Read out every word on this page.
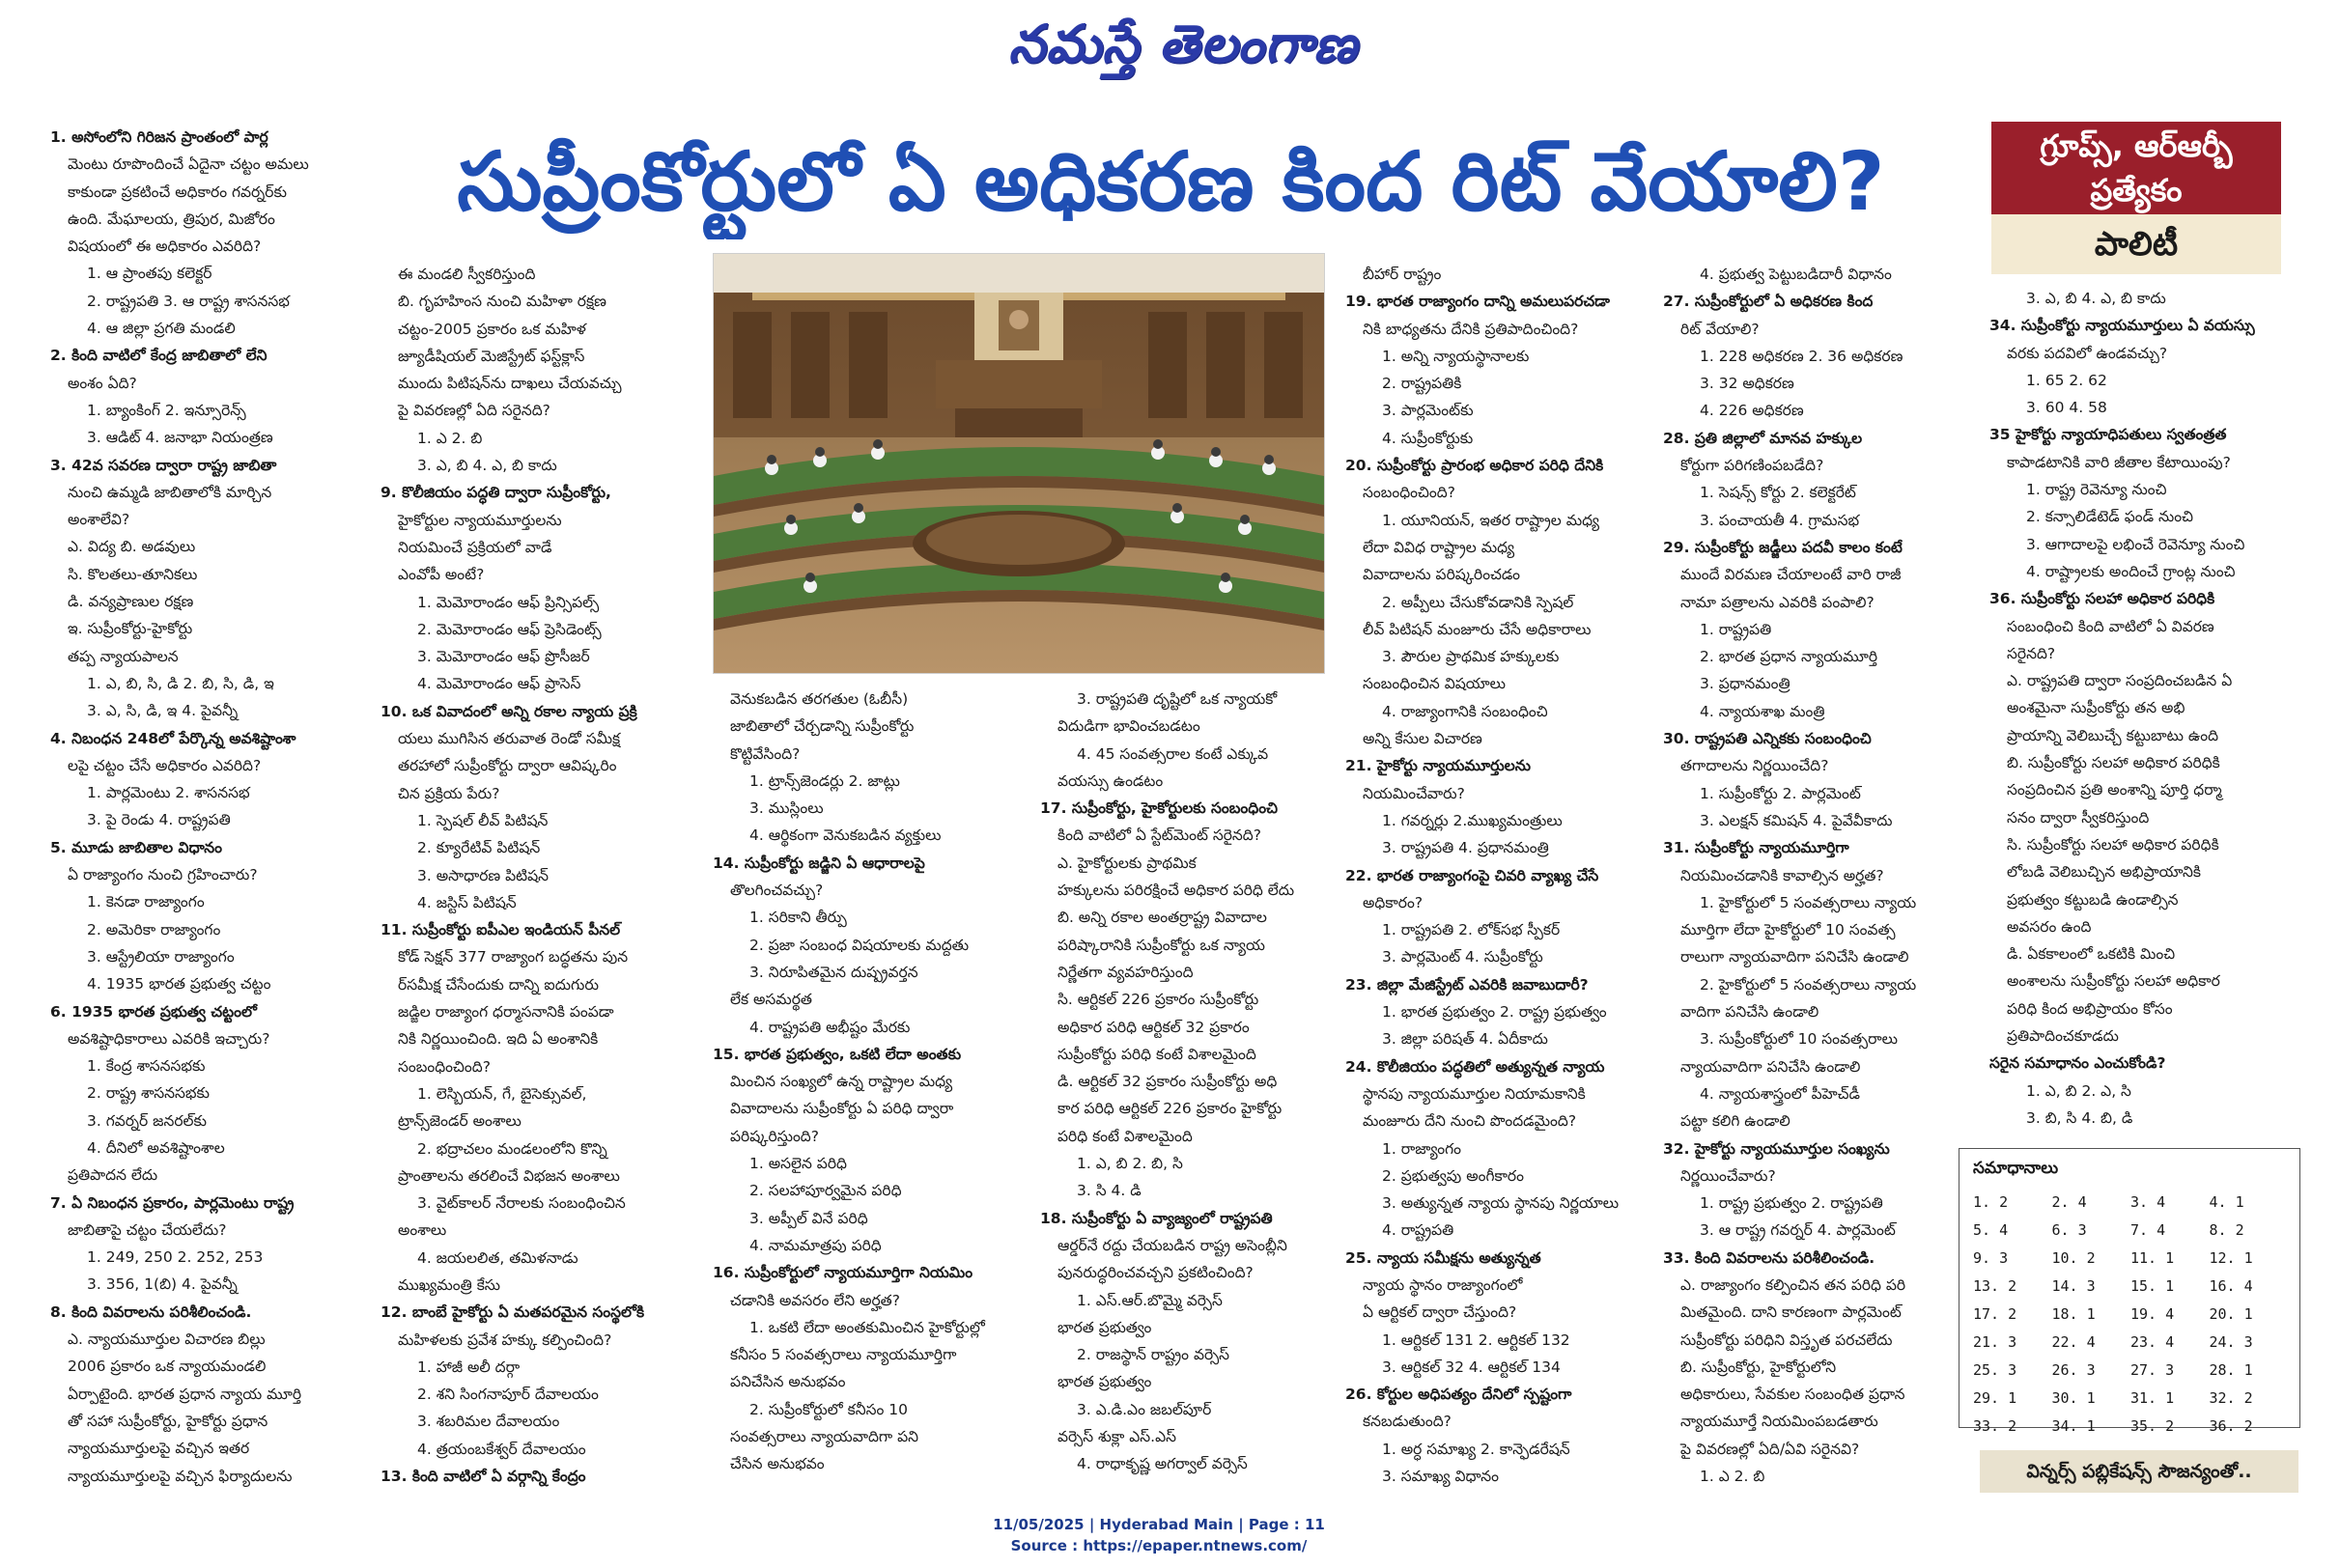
నమస్తే తెలంగాణ
సుప్రీంకోర్టులో ఏ అధికరణ కింద రిట్ వేయాలి?	గ్రూప్స్, ఆర్ఆర్బీ
ప్రత్యేకం
పాలిటీ

1. అసోంలోని గిరిజన ప్రాంతంలో పార్ల

మెంటు రూపొందించే ఏదైనా చట్టం అమలు

కాకుండా ప్రకటించే అధికారం గవర్నర్‌కు

ఉంది. మేఘాలయ, త్రిపుర, మిజోరం

విషయంలో ఈ అధికారం ఎవరిది?

1. ఆ ప్రాంతపు కలెక్టర్

2. రాష్ట్రపతి 3. ఆ రాష్ట్ర శాసనసభ

4. ఆ జిల్లా ప్రగతి మండలి

2. కింది వాటిలో కేంద్ర జాబితాలో లేని

అంశం ఏది?

1. బ్యాంకింగ్ 2. ఇన్సూరెన్స్

3. ఆడిట్ 4. జనాభా నియంత్రణ

3. 42వ సవరణ ద్వారా రాష్ట్ర జాబితా

నుంచి ఉమ్మడి జాబితాలోకి మార్చిన

అంశాలేవి?

ఎ. విద్య బి. అడవులు

సి. కొలతలు-తూనికలు

డి. వన్యప్రాణుల రక్షణ

ఇ. సుప్రీంకోర్టు-హైకోర్టు

తప్ప న్యాయపాలన

1. ఎ, బి, సి, డి 2. బి, సి, డి, ఇ

3. ఎ, సి, డి, ఇ 4. పైవన్నీ

4. నిబంధన 248లో పేర్కొన్న అవశిష్టాంశా

లపై చట్టం చేసే అధికారం ఎవరిది?

1. పార్లమెంటు 2. శాసనసభ

3. పై రెండు 4. రాష్ట్రపతి

5. మూడు జాబితాల విధానం

ఏ రాజ్యాంగం నుంచి గ్రహించారు?

1. కెనడా రాజ్యాంగం

2. అమెరికా రాజ్యాంగం

3. ఆస్ట్రేలియా రాజ్యాంగం

4. 1935 భారత ప్రభుత్వ చట్టం

6. 1935 భారత ప్రభుత్వ చట్టంలో

అవశిష్టాధికారాలు ఎవరికి ఇచ్చారు?

1. కేంద్ర శాసనసభకు

2. రాష్ట్ర శాసనసభకు

3. గవర్నర్ జనరల్‌కు

4. దీనిలో అవశిష్టాంశాల

ప్రతిపాదన లేదు

7. ఏ నిబంధన ప్రకారం, పార్లమెంటు రాష్ట్ర

జాబితాపై చట్టం చేయలేదు?

1. 249, 250 2. 252, 253

3. 356, 1(బి) 4. పైవన్నీ

8. కింది వివరాలను పరిశీలించండి.

ఎ. న్యాయమూర్తుల విచారణ బిల్లు

2006 ప్రకారం ఒక న్యాయమండలి

ఏర్పాటైంది. భారత ప్రధాన న్యాయ మూర్తి

తో సహా సుప్రీంకోర్టు, హైకోర్టు ప్రధాన

న్యాయమూర్తులపై వచ్చిన ఇతర

న్యాయమూర్తులపై వచ్చిన ఫిర్యాదులను

ఈ మండలి స్వీకరిస్తుంది

బి. గృహహింస నుంచి మహిళా రక్షణ

చట్టం-2005 ప్రకారం ఒక మహిళ

జ్యూడీషియల్ మెజిస్ట్రేట్ ఫస్ట్‌క్లాస్

ముందు పిటిషన్‌ను దాఖలు చేయవచ్చు

పై వివరణల్లో ఏది సరైనది?

1. ఎ 2. బి

3. ఎ, బి 4. ఎ, బి కాదు

9. కొలీజియం పద్ధతి ద్వారా సుప్రీంకోర్టు,

హైకోర్టుల న్యాయమూర్తులను

నియమించే ప్రక్రియలో వాడే

ఎంవోపీ అంటే?

1. మెమోరాండం ఆఫ్ ప్రిన్సిపల్స్

2. మెమోరాండం ఆఫ్ ప్రెసిడెంట్స్

3. మెమోరాండం ఆఫ్ ప్రొసీజర్

4. మెమోరాండం ఆఫ్ ప్రాసెస్

10. ఒక వివాదంలో అన్ని రకాల న్యాయ ప్రక్రి

యలు ముగిసిన తరువాత రెండో సమీక్ష

తరహాలో సుప్రీంకోర్టు ద్వారా ఆవిష్కరిం

చిన ప్రక్రియ పేరు?

1. స్పెషల్ లీవ్ పిటిషన్

2. క్యూరేటివ్ పిటిషన్

3. అసాధారణ పిటిషన్

4. జస్టిస్ పిటిషన్

11. సుప్రీంకోర్టు ఐపీఎల ఇండియన్ పీనల్

కోడ్ సెక్షన్ 377 రాజ్యాంగ బద్ధతను పున

ర్‌సమీక్ష చేసేందుకు దాన్ని ఐదుగురు

జడ్జిల రాజ్యాంగ ధర్మాసనానికి పంపడా

నికి నిర్ణయించింది. ఇది ఏ అంశానికి

సంబంధించింది?

1. లెస్బియన్, గే, బైసెక్సువల్,

ట్రాన్స్‌జెండర్ అంశాలు

2. భద్రాచలం మండలంలోని కొన్ని

ప్రాంతాలను తరలించే విభజన అంశాలు

3. వైట్‌కాలర్ నేరాలకు సంబంధించిన

అంశాలు

4. జయలలిత, తమిళనాడు

ముఖ్యమంత్రి కేసు

12. బాంబే హైకోర్టు ఏ మతపరమైన సంస్థలోకి

మహిళలకు ప్రవేశ హక్కు కల్పించింది?

1. హాజీ అలీ దర్గా

2. శని సింగనాపూర్ దేవాలయం

3. శబరిమల దేవాలయం

4. త్రయంబకేశ్వర్ దేవాలయం

13. కింది వాటిలో ఏ వర్గాన్ని కేంద్రం

వెనుకబడిన తరగతుల (ఓబీసీ)

జాబితాలో చేర్చడాన్ని సుప్రీంకోర్టు

కొట్టివేసింది?

1. ట్రాన్స్‌జెండర్లు 2. జాట్లు

3. ముస్లింలు

4. ఆర్థికంగా వెనుకబడిన వ్యక్తులు

14. సుప్రీంకోర్టు జడ్జిని ఏ ఆధారాలపై

తొలగించవచ్చు?

1. సరికాని తీర్పు

2. ప్రజా సంబంధ విషయాలకు మద్దతు

3. నిరూపితమైన దుష్ప్రవర్తన

లేక అసమర్థత

4. రాష్ట్రపతి అభీష్టం మేరకు

15. భారత ప్రభుత్వం, ఒకటి లేదా అంతకు

మించిన సంఖ్యలో ఉన్న రాష్ట్రాల మధ్య

వివాదాలను సుప్రీంకోర్టు ఏ పరిధి ద్వారా

పరిష్కరిస్తుంది?

1. అసలైన పరిధి

2. సలహాపూర్వమైన పరిధి

3. అప్పీల్ వినే పరిధి

4. నామమాత్రపు పరిధి

16. సుప్రీంకోర్టులో న్యాయమూర్తిగా నియమిం

చడానికి అవసరం లేని అర్హత?

1. ఒకటి లేదా అంతకుమించిన హైకోర్టుల్లో

కనీసం 5 సంవత్సరాలు న్యాయమూర్తిగా

పనిచేసిన అనుభవం

2. సుప్రీంకోర్టులో కనీసం 10

సంవత్సరాలు న్యాయవాదిగా పని

చేసిన అనుభవం

3. రాష్ట్రపతి దృష్టిలో ఒక న్యాయకో

విదుడిగా భావించబడటం

4. 45 సంవత్సరాల కంటే ఎక్కువ

వయస్సు ఉండటం

17. సుప్రీంకోర్టు, హైకోర్టులకు సంబంధించి

కింది వాటిలో ఏ స్టేట్‌మెంట్ సరైనది?

ఎ. హైకోర్టులకు ప్రాథమిక

హక్కులను పరిరక్షించే అధికార పరిధి లేదు

బి. అన్ని రకాల అంతర్రాష్ట్ర వివాదాల

పరిష్కారానికి సుప్రీంకోర్టు ఒక న్యాయ

నిర్ణేతగా వ్యవహరిస్తుంది

సి. ఆర్టికల్ 226 ప్రకారం సుప్రీంకోర్టు

అధికార పరిధి ఆర్టికల్ 32 ప్రకారం

సుప్రీంకోర్టు పరిధి కంటే విశాలమైంది

డి. ఆర్టికల్ 32 ప్రకారం సుప్రీంకోర్టు అధి

కార పరిధి ఆర్టికల్ 226 ప్రకారం హైకోర్టు

పరిధి కంటే విశాలమైంది

1. ఎ, బి 2. బి, సి

3. సి 4. డి

18. సుప్రీంకోర్టు ఏ వ్యాజ్యంలో రాష్ట్రపతి

ఆర్డర్‌నే రద్దు చేయబడిన రాష్ట్ర అసెంబ్లీని

పునరుద్ధరించవచ్చని ప్రకటించింది?

1. ఎస్.ఆర్.బొమ్మై వర్సెస్

భారత ప్రభుత్వం

2. రాజస్థాన్ రాష్ట్రం వర్సెస్

భారత ప్రభుత్వం

3. ఎ.డి.ఎం జబల్‌పూర్

వర్సెస్ శుక్లా ఎస్.ఎస్

4. రాధాకృష్ణ అగర్వాల్ వర్సెస్

బీహార్ రాష్ట్రం

19. భారత రాజ్యాంగం దాన్ని అమలుపరచడా

నికి బాధ్యతను దేనికి ప్రతిపాదించింది?

1. అన్ని న్యాయస్థానాలకు

2. రాష్ట్రపతికి

3. పార్లమెంట్‌కు

4. సుప్రీంకోర్టుకు

20. సుప్రీంకోర్టు ప్రారంభ అధికార పరిధి దేనికి

సంబంధించింది?

1. యూనియన్, ఇతర రాష్ట్రాల మధ్య

లేదా వివిధ రాష్ట్రాల మధ్య

వివాదాలను పరిష్కరించడం

2. అప్పీలు చేసుకోవడానికి స్పెషల్

లీవ్ పిటిషన్ మంజూరు చేసే అధికారాలు

3. పౌరుల ప్రాథమిక హక్కులకు

సంబంధించిన విషయాలు

4. రాజ్యాంగానికి సంబంధించి

అన్ని కేసుల విచారణ

21. హైకోర్టు న్యాయమూర్తులను

నియమించేవారు?

1. గవర్నర్లు 2.ముఖ్యమంత్రులు

3. రాష్ట్రపతి 4. ప్రధానమంత్రి

22. భారత రాజ్యాంగంపై చివరి వ్యాఖ్య చేసే

అధికారం?

1. రాష్ట్రపతి 2. లోక్‌సభ స్పీకర్

3. పార్లమెంట్ 4. సుప్రీంకోర్టు

23. జిల్లా మేజిస్ట్రేట్ ఎవరికి జవాబుదారీ?

1. భారత ప్రభుత్వం 2. రాష్ట్ర ప్రభుత్వం

3. జిల్లా పరిషత్ 4. ఏదీకాదు

24. కొలీజియం పద్ధతిలో అత్యున్నత న్యాయ

స్థానపు న్యాయమూర్తుల నియామకానికి

మంజూరు దేని నుంచి పొందడమైంది?

1. రాజ్యాంగం

2. ప్రభుత్వపు అంగీకారం

3. అత్యున్నత న్యాయ స్థానపు నిర్ణయాలు

4. రాష్ట్రపతి

25. న్యాయ సమీక్షను అత్యున్నత

న్యాయ స్థానం రాజ్యాంగంలో

ఏ ఆర్టికల్ ద్వారా చేస్తుంది?

1. ఆర్టికల్ 131 2. ఆర్టికల్ 132

3. ఆర్టికల్ 32 4. ఆర్టికల్ 134

26. కోర్టుల అధిపత్యం దేనిలో స్పష్టంగా

కనబడుతుంది?

1. అర్ధ సమాఖ్య 2. కాన్ఫెడరేషన్

3. సమాఖ్య విధానం

4. ప్రభుత్వ పెట్టుబడిదారీ విధానం

27. సుప్రీంకోర్టులో ఏ అధికరణ కింద

రిట్ వేయాలి?

1. 228 అధికరణ 2. 36 అధికరణ

3. 32 అధికరణ

4. 226 అధికరణ

28. ప్రతి జిల్లాలో మానవ హక్కుల

కోర్టుగా పరిగణింపబడేది?

1. సెషన్స్ కోర్టు 2. కలెక్టరేట్

3. పంచాయతీ 4. గ్రామసభ

29. సుప్రీంకోర్టు జడ్జీలు పదవీ కాలం కంటే

ముందే విరమణ చేయాలంటే వారి రాజీ

నామా పత్రాలను ఎవరికి పంపాలి?

1. రాష్ట్రపతి

2. భారత ప్రధాన న్యాయమూర్తి

3. ప్రధానమంత్రి

4. న్యాయశాఖ మంత్రి

30. రాష్ట్రపతి ఎన్నికకు సంబంధించి

తగాదాలను నిర్ణయించేది?

1. సుప్రీంకోర్టు 2. పార్లమెంట్

3. ఎలక్షన్ కమిషన్ 4. పైవేవీకాదు

31. సుప్రీంకోర్టు న్యాయమూర్తిగా

నియమించడానికి కావాల్సిన అర్హత?

1. హైకోర్టులో 5 సంవత్సరాలు న్యాయ

మూర్తిగా లేదా హైకోర్టులో 10 సంవత్స

రాలుగా న్యాయవాదిగా పనిచేసి ఉండాలి

2. హైకోర్టులో 5 సంవత్సరాలు న్యాయ

వాదిగా పనిచేసి ఉండాలి

3. సుప్రీంకోర్టులో 10 సంవత్సరాలు

న్యాయవాదిగా పనిచేసి ఉండాలి

4. న్యాయశాస్త్రంలో పీహెచ్‌డీ

పట్టా కలిగి ఉండాలి

32. హైకోర్టు న్యాయమూర్తుల సంఖ్యను

నిర్ణయించేవారు?

1. రాష్ట్ర ప్రభుత్వం 2. రాష్ట్రపతి

3. ఆ రాష్ట్ర గవర్నర్ 4. పార్లమెంట్

33. కింది వివరాలను పరిశీలించండి.

ఎ. రాజ్యాంగం కల్పించిన తన పరిధి పరి

మితమైంది. దాని కారణంగా పార్లమెంట్

సుప్రీంకోర్టు పరిధిని విస్తృత పరచలేదు

బి. సుప్రీంకోర్టు, హైకోర్టులోని

అధికారులు, సేవకుల సంబంధిత ప్రధాన

న్యాయమూర్తే నియమింపబడతారు

పై వివరణల్లో ఏది/ఏవి సరైనవి?

1. ఎ 2. బి

3. ఎ, బి 4. ఎ, బి కాదు

34. సుప్రీంకోర్టు న్యాయమూర్తులు ఏ వయస్సు

వరకు పదవిలో ఉండవచ్చు?

1. 65 2. 62

3. 60 4. 58

35 హైకోర్టు న్యాయాధిపతులు స్వతంత్రత

కాపాడటానికి వారి జీతాల కేటాయింపు?

1. రాష్ట్ర రెవెన్యూ నుంచి

2. కన్సాలిడేటెడ్ ఫండ్ నుంచి

3. ఆగాదాలపై లభించే రెవెన్యూ నుంచి

4. రాష్ట్రాలకు అందించే గ్రాంట్ల నుంచి

36. సుప్రీంకోర్టు సలహా అధికార పరిధికి

సంబంధించి కింది వాటిలో ఏ వివరణ

సరైనది?

ఎ. రాష్ట్రపతి ద్వారా సంప్రదించబడిన ఏ

అంశమైనా సుప్రీంకోర్టు తన అభి

ప్రాయాన్ని వెలిబుచ్చే కట్టుబాటు ఉంది

బి. సుప్రీంకోర్టు సలహా అధికార పరిధికి

సంప్రదించిన ప్రతి అంశాన్ని పూర్తి ధర్మా

సనం ద్వారా స్వీకరిస్తుంది

సి. సుప్రీంకోర్టు సలహా అధికార పరిధికి

లోబడి వెలిబుచ్చిన అభిప్రాయానికి

ప్రభుత్వం కట్టుబడి ఉండాల్సిన

అవసరం ఉంది

డి. ఏకకాలంలో ఒకటికి మించి

అంశాలను సుప్రీంకోర్టు సలహా అధికార

పరిధి కింద అభిప్రాయం కోసం

ప్రతిపాదించకూడదు

సరైన సమాధానం ఎంచుకోండి?

1. ఎ, బి 2. ఎ, సి

3. బి, సి 4. బి, డి

సమాధానాలు
1. 2	2. 4	3. 4	4. 1
5. 4	6. 3	7. 4	8. 2
9. 3	10. 2	11. 1	12. 1
13. 2	14. 3	15. 1	16. 4
17. 2	18. 1	19. 4	20. 1
21. 3	22. 4	23. 4	24. 3
25. 3	26. 3	27. 3	28. 1
29. 1	30. 1	31. 1	32. 2
33. 2	34. 1	35. 2	36. 2
విన్నర్స్ పబ్లికేషన్స్ సౌజన్యంతో..
11/05/2025 | Hyderabad Main | Page : 11
Source : https://epaper.ntnews.com/
